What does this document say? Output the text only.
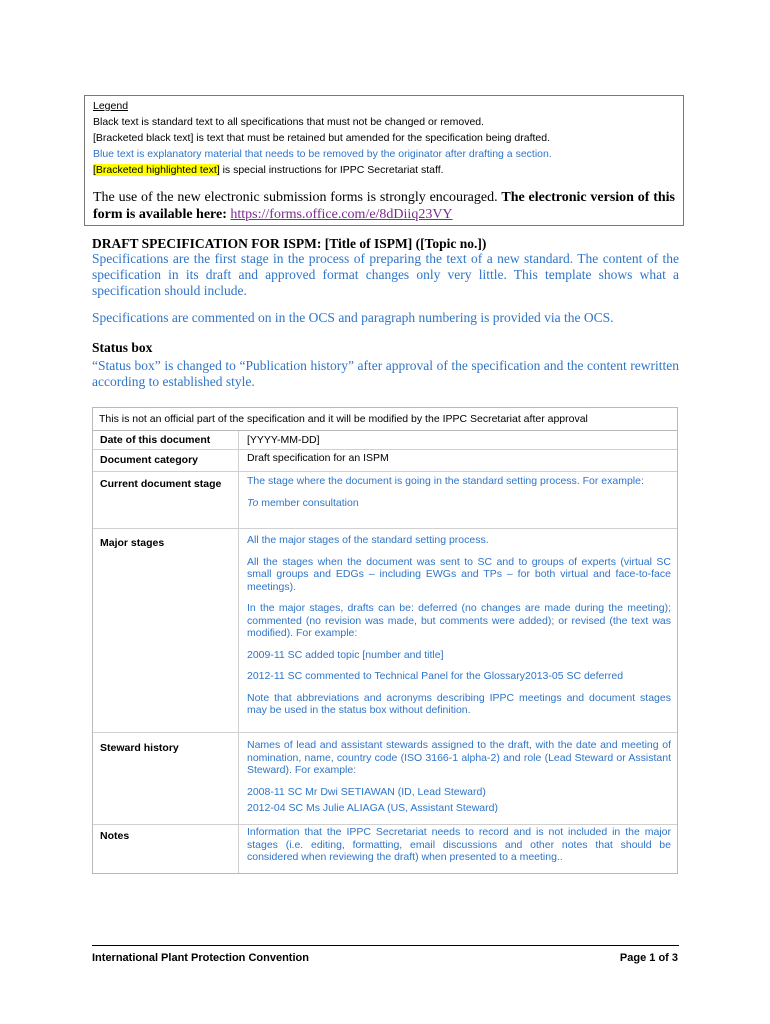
Legend
Black text is standard text to all specifications that must not be changed or removed.
[Bracketed black text] is text that must be retained but amended for the specification being drafted.
Blue text is explanatory material that needs to be removed by the originator after drafting a section.
[Bracketed highlighted text] is special instructions for IPPC Secretariat staff.
The use of the new electronic submission forms is strongly encouraged. The electronic version of this form is available here: https://forms.office.com/e/8dDiiq23VY
DRAFT SPECIFICATION FOR ISPM: [Title of ISPM] ([Topic no.])
Specifications are the first stage in the process of preparing the text of a new standard. The content of the specification in its draft and approved format changes only very little. This template shows what a specification should include.
Specifications are commented on in the OCS and paragraph numbering is provided via the OCS.
Status box
“Status box” is changed to “Publication history” after approval of the specification and the content rewritten according to established style.
This is not an official part of the specification and it will be modified by the IPPC Secretariat after approval
Date of this document	[YYYY-MM-DD]
Document category	Draft specification for an ISPM
Current document stage	The stage where the document is going in the standard setting process. For example:

To member consultation

Major stages	All the major stages of the standard setting process.

All the stages when the document was sent to SC and to groups of experts (virtual SC small groups and EDGs – including EWGs and TPs – for both virtual and face-to-face meetings).

In the major stages, drafts can be: deferred (no changes are made during the meeting); commented (no revision was made, but comments were added); or revised (the text was modified). For example:

2009-11 SC added topic [number and title]

2012-11 SC commented to Technical Panel for the Glossary2013-05 SC deferred

Note that abbreviations and acronyms describing IPPC meetings and document stages may be used in the status box without definition.

Steward history	Names of lead and assistant stewards assigned to the draft, with the date and meeting of nomination, name, country code (ISO 3166-1 alpha-2) and role (Lead Steward or Assistant Steward). For example:

2008-11 SC Mr Dwi SETIAWAN (ID, Lead Steward)

2012-04 SC Ms Julie ALIAGA (US, Assistant Steward)

Notes	Information that the IPPC Secretariat needs to record and is not included in the major stages (i.e. editing, formatting, email discussions and other notes that should be considered when reviewing the draft) when presented to a meeting..
International Plant Protection Convention	Page 1 of 3
